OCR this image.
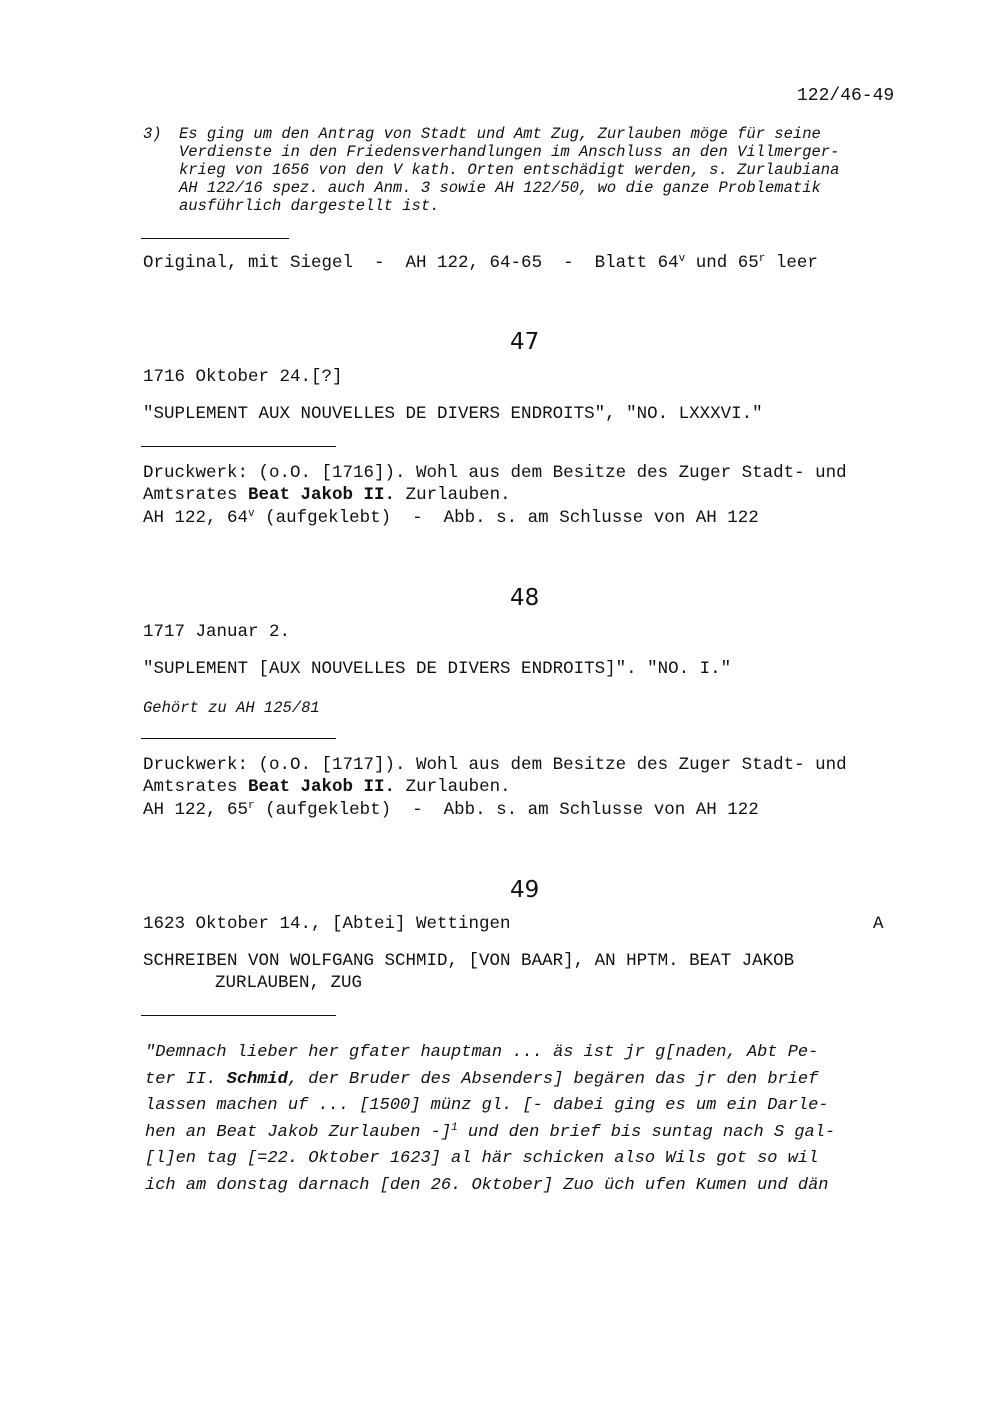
122/46-49
3) Es ging um den Antrag von Stadt und Amt Zug, Zurlauben möge für seine
Verdienste in den Friedensverhandlungen im Anschluss an den Villmerger-
krieg von 1656 von den V kath. Orten entschädigt werden, s. Zurlaubiana
AH 122/16 spez. auch Anm. 3 sowie AH 122/50, wo die ganze Problematik
ausführlich dargestellt ist.
Original, mit Siegel  -  AH 122, 64-65  -  Blatt 64$^v$ und 65$^r$ leer
47
1716 Oktober 24.[?]
"SUPLEMENT AUX NOUVELLES DE DIVERS ENDROITS", "NO. LXXXVI."
Druckwerk: (o.O. [1716]). Wohl aus dem Besitze des Zuger Stadt- und
Amtsrates Beat Jakob II. Zurlauben.
AH 122, 64$^v$ (aufgeklebt)  -  Abb. s. am Schlusse von AH 122
48
1717 Januar 2.
"SUPLEMENT [AUX NOUVELLES DE DIVERS ENDROITS]". "NO. I."
Gehört zu AH 125/81
Druckwerk: (o.O. [1717]). Wohl aus dem Besitze des Zuger Stadt- und
Amtsrates Beat Jakob II. Zurlauben.
AH 122, 65$^r$ (aufgeklebt)  -  Abb. s. am Schlusse von AH 122
49
1623 Oktober 14., [Abtei] Wettingen	A
SCHREIBEN VON WOLFGANG SCHMID, [VON BAAR], AN HPTM. BEAT JAKOB
ZURLAUBEN, ZUG
"Demnach lieber her gfater hauptman ... äs ist jr g[naden, Abt Pe-
ter II. Schmid, der Bruder des Absenders] begären das jr den brief
lassen machen uf ... [1500] münz gl. [- dabei ging es um ein Darle-
hen an Beat Jakob Zurlauben -]$^1$ und den brief bis suntag nach S gal-
[l]en tag [=22. Oktober 1623] al här schicken also Wils got so wil
ich am donstag darnach [den 26. Oktober] Zuo üch ufen Kumen und dän
